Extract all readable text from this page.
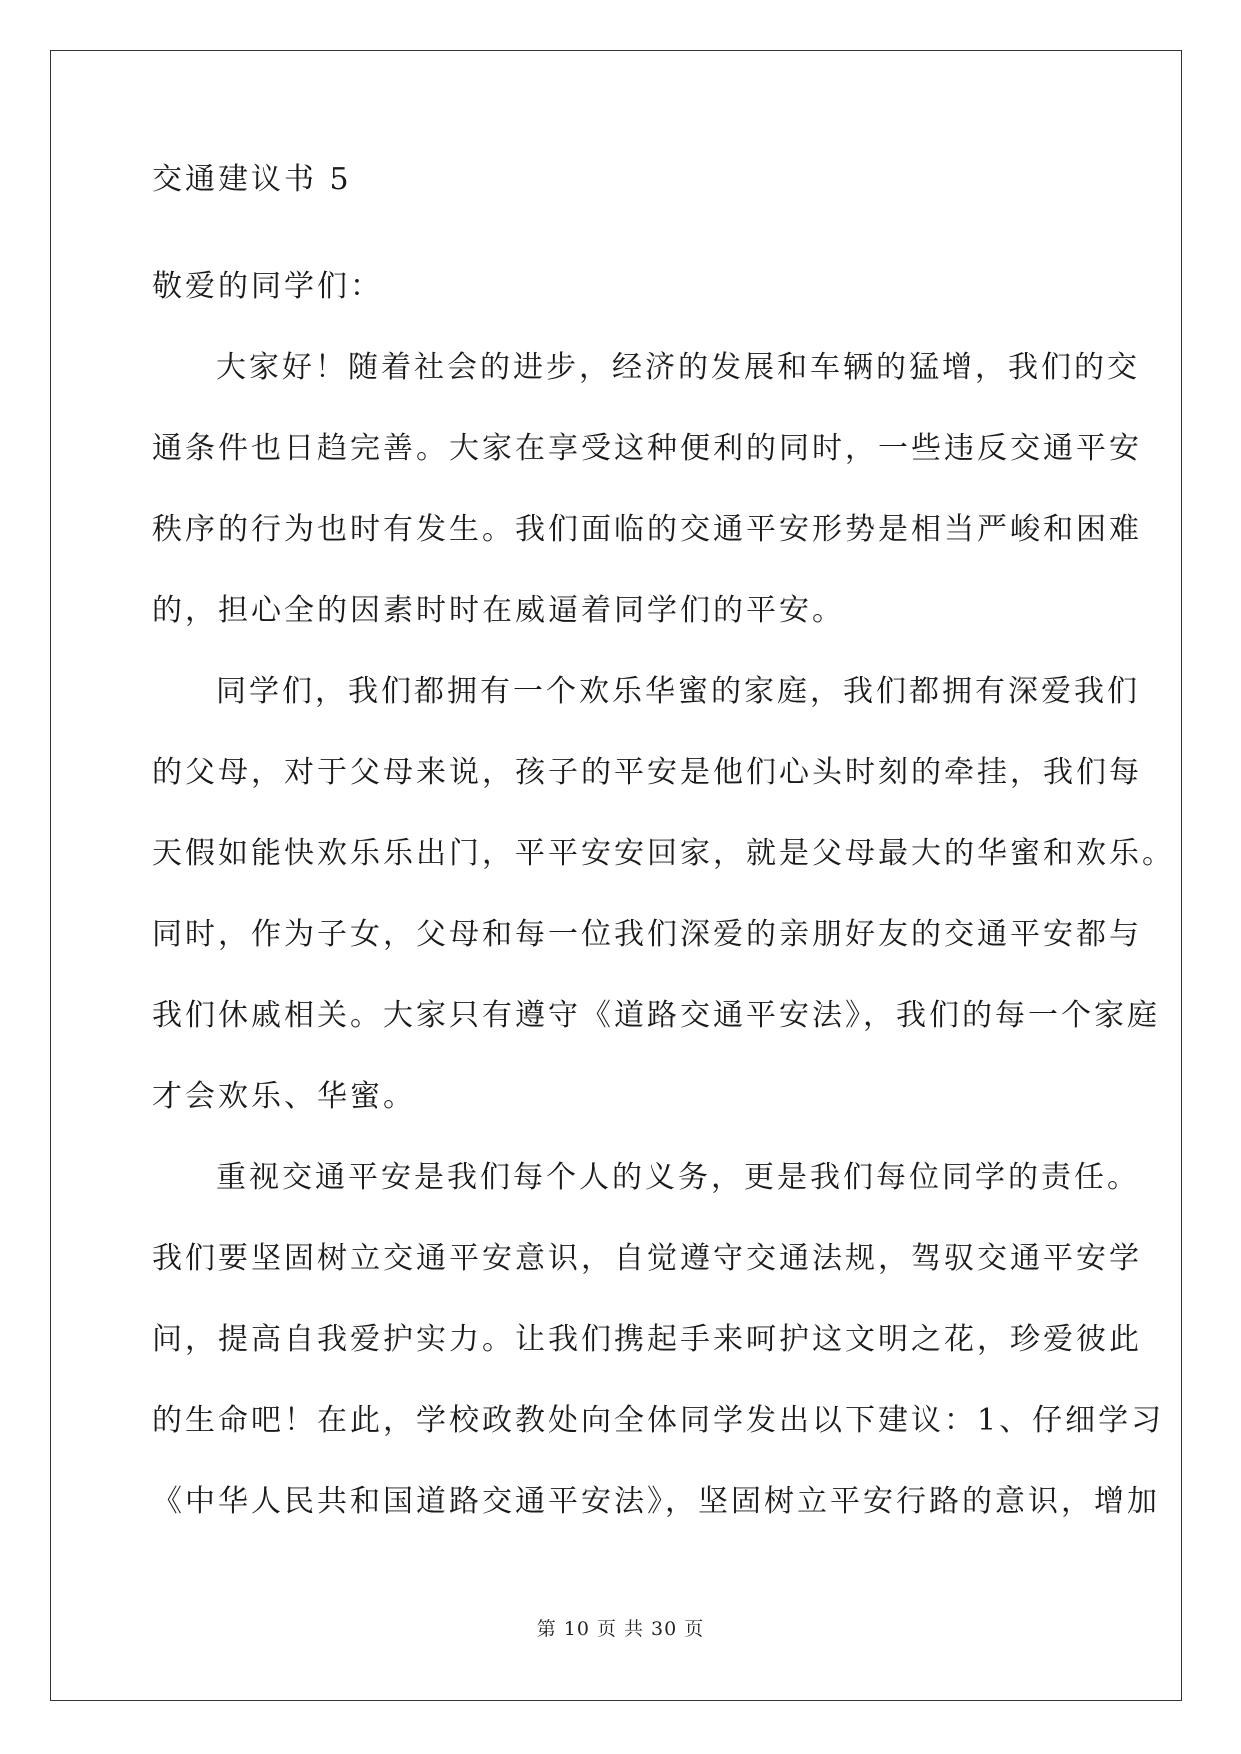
交通建议书 5

敬爱的同学们：

大家好！随着社会的进步，经济的发展和车辆的猛增，我们的交

通条件也日趋完善。大家在享受这种便利的同时，一些违反交通平安

秩序的行为也时有发生。我们面临的交通平安形势是相当严峻和困难

的，担心全的因素时时在威逼着同学们的平安。

同学们，我们都拥有一个欢乐华蜜的家庭，我们都拥有深爱我们

的父母，对于父母来说，孩子的平安是他们心头时刻的牵挂，我们每

天假如能快欢乐乐出门，平平安安回家，就是父母最大的华蜜和欢乐。

同时，作为子女，父母和每一位我们深爱的亲朋好友的交通平安都与

我们休戚相关。大家只有遵守《道路交通平安法》，我们的每一个家庭

才会欢乐、华蜜。

重视交通平安是我们每个人的义务，更是我们每位同学的责任。

我们要坚固树立交通平安意识，自觉遵守交通法规，驾驭交通平安学

问，提高自我爱护实力。让我们携起手来呵护这文明之花，珍爱彼此

的生命吧！在此，学校政教处向全体同学发出以下建议：1、仔细学习

《中华人民共和国道路交通平安法》，坚固树立平安行路的意识，增加

第 10 页 共 30 页
